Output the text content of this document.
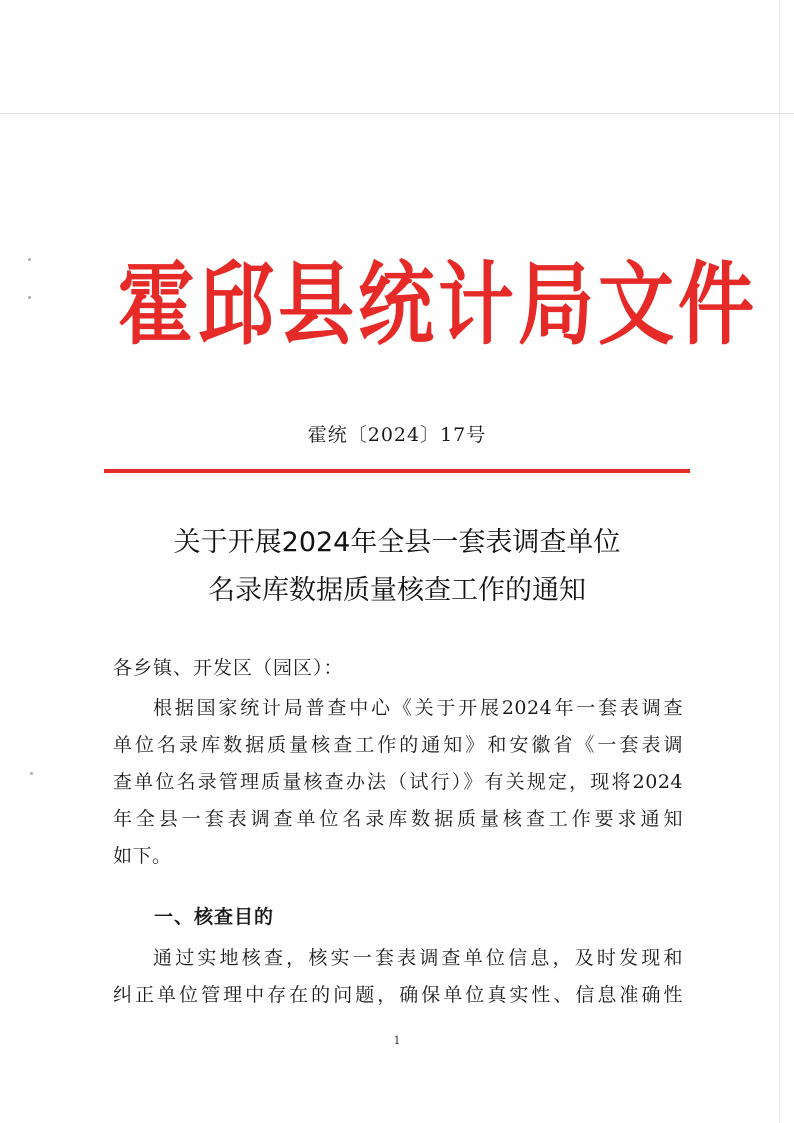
霍邱县统计局文件
霍统〔2024〕17号
关于开展2024年全县一套表调查单位
名录库数据质量核查工作的通知
各乡镇、开发区（园区）：
根据国家统计局普查中心《关于开展2024年一套表调查
单位名录库数据质量核查工作的通知》和安徽省《一套表调
查单位名录管理质量核查办法（试行）》有关规定，现将2024
年全县一套表调查单位名录库数据质量核查工作要求通知
如下。
一、核查目的
通过实地核查，核实一套表调查单位信息，及时发现和
纠正单位管理中存在的问题，确保单位真实性、信息准确性
1
